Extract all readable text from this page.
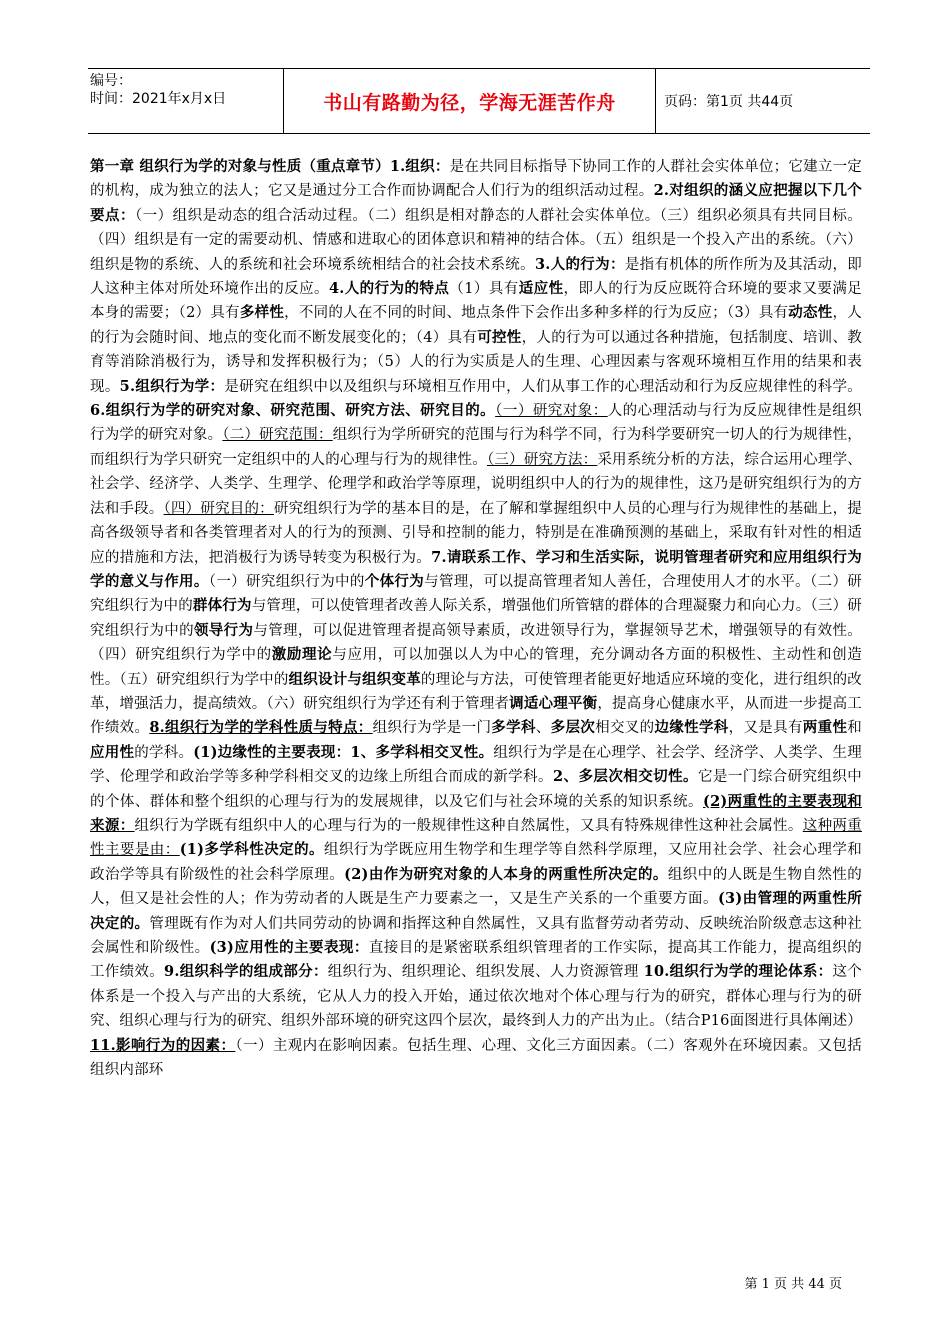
编号：
时间：2021年x月x日	书山有路勤为径，学海无涯苦作舟	页码：第1页 共44页
第一章 组织行为学的对象与性质（重点章节）1.组织：是在共同目标指导下协同工作的人群社会实体单位；它建立一定的机构，成为独立的法人；它又是通过分工合作而协调配合人们行为的组织活动过程。2.对组织的涵义应把握以下几个要点：（一）组织是动态的组合活动过程。（二）组织是相对静态的人群社会实体单位。（三）组织必须具有共同目标。（四）组织是有一定的需要动机、情感和进取心的团体意识和精神的结合体。（五）组织是一个投入产出的系统。（六）组织是物的系统、人的系统和社会环境系统相结合的社会技术系统。3.人的行为：是指有机体的所作所为及其活动，即人这种主体对所处环境作出的反应。4.人的行为的特点（1）具有适应性，即人的行为反应既符合环境的要求又要满足本身的需要；（2）具有多样性，不同的人在不同的时间、地点条件下会作出多种多样的行为反应；（3）具有动态性，人的行为会随时间、地点的变化而不断发展变化的；（4）具有可控性，人的行为可以通过各种措施，包括制度、培训、教育等消除消极行为，诱导和发挥积极行为；（5）人的行为实质是人的生理、心理因素与客观环境相互作用的结果和表现。5.组织行为学：是研究在组织中以及组织与环境相互作用中，人们从事工作的心理活动和行为反应规律性的科学。6.组织行为学的研究对象、研究范围、研究方法、研究目的。（一）研究对象：人的心理活动与行为反应规律性是组织行为学的研究对象。（二）研究范围：组织行为学所研究的范围与行为科学不同，行为科学要研究一切人的行为规律性，而组织行为学只研究一定组织中的人的心理与行为的规律性。（三）研究方法：采用系统分析的方法，综合运用心理学、社会学、经济学、人类学、生理学、伦理学和政治学等原理，说明组织中人的行为的规律性，这乃是研究组织行为的方法和手段。（四）研究目的：研究组织行为学的基本目的是，在了解和掌握组织中人员的心理与行为规律性的基础上，提高各级领导者和各类管理者对人的行为的预测、引导和控制的能力，特别是在准确预测的基础上，采取有针对性的相适应的措施和方法，把消极行为诱导转变为积极行为。7.请联系工作、学习和生活实际，说明管理者研究和应用组织行为学的意义与作用。（一）研究组织行为中的个体行为与管理，可以提高管理者知人善任，合理使用人才的水平。（二）研究组织行为中的群体行为与管理，可以使管理者改善人际关系，增强他们所管辖的群体的合理凝聚力和向心力。（三）研究组织行为中的领导行为与管理，可以促进管理者提高领导素质，改进领导行为，掌握领导艺术，增强领导的有效性。（四）研究组织行为学中的激励理论与应用，可以加强以人为中心的管理，充分调动各方面的积极性、主动性和创造性。（五）研究组织行为学中的组织设计与组织变革的理论与方法，可使管理者能更好地适应环境的变化，进行组织的改革，增强活力，提高绩效。（六）研究组织行为学还有利于管理者调适心理平衡，提高身心健康水平，从而进一步提高工作绩效。8.组织行为学的学科性质与特点：组织行为学是一门多学科、多层次相交叉的边缘性学科，又是具有两重性和应用性的学科。(1)边缘性的主要表现：1、多学科相交叉性。组织行为学是在心理学、社会学、经济学、人类学、生理学、伦理学和政治学等多种学科相交叉的边缘上所组合而成的新学科。2、多层次相交切性。它是一门综合研究组织中的个体、群体和整个组织的心理与行为的发展规律，以及它们与社会环境的关系的知识系统。(2)两重性的主要表现和来源：组织行为学既有组织中人的心理与行为的一般规律性这种自然属性，又具有特殊规律性这种社会属性。这种两重性主要是由：(1)多学科性决定的。组织行为学既应用生物学和生理学等自然科学原理，又应用社会学、社会心理学和政治学等具有阶级性的社会科学原理。(2)由作为研究对象的人本身的两重性所决定的。组织中的人既是生物自然性的人，但又是社会性的人；作为劳动者的人既是生产力要素之一，又是生产关系的一个重要方面。(3)由管理的两重性所决定的。管理既有作为对人们共同劳动的协调和指挥这种自然属性，又具有监督劳动者劳动、反映统治阶级意志这种社会属性和阶级性。(3)应用性的主要表现：直接目的是紧密联系组织管理者的工作实际，提高其工作能力，提高组织的工作绩效。9.组织科学的组成部分：组织行为、组织理论、组织发展、人力资源管理 10.组织行为学的理论体系：这个体系是一个投入与产出的大系统，它从人力的投入开始，通过依次地对个体心理与行为的研究，群体心理与行为的研究、组织心理与行为的研究、组织外部环境的研究这四个层次，最终到人力的产出为止。（结合P16面图进行具体阐述）11.影响行为的因素：（一）主观内在影响因素。包括生理、心理、文化三方面因素。（二）客观外在环境因素。又包括组织内部环
第 1 页 共 44 页
